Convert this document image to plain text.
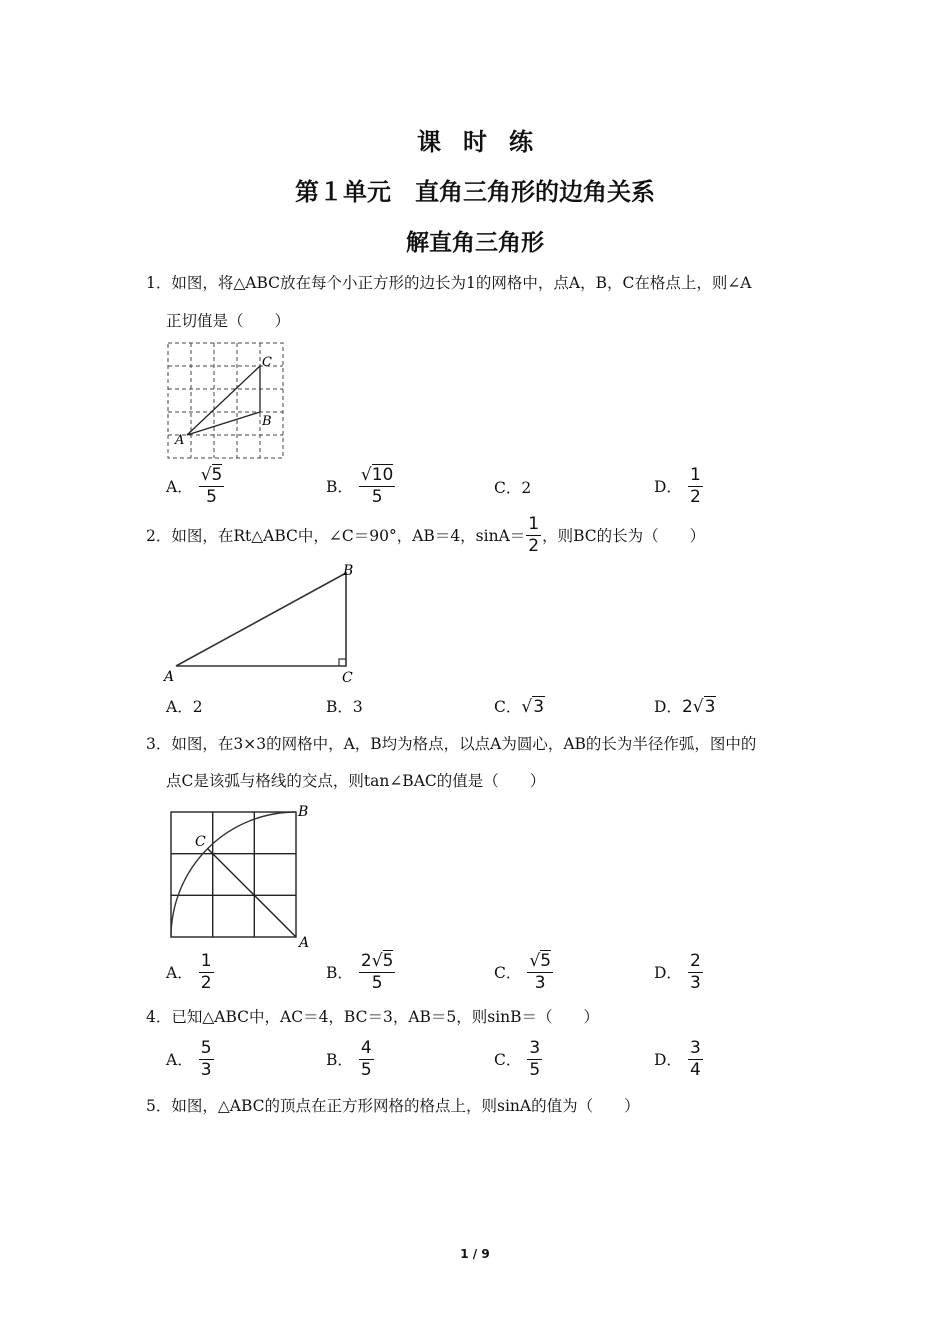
课时练
第１单元　直角三角形的边角关系
解直角三角形
1．如图，将△ABC放在每个小正方形的边长为1的网格中，点A，B，C在格点上，则∠A
正切值是（　　）
A
B
C
A． $\frac{√5}{5}$	B． $\frac{√10}{5}$	C． 2	D． $\frac{1}{2}$
2．如图，在Rt△ABC中，∠C＝90°，AB＝4，$\sin A= \frac{1}{2}$ ，则BC的长为（　　）
A
B
C
A． 2	B． 3	C． √3	D． 2√3
3．如图，在3×3的网格中，A，B均为格点，以点A为圆心，AB的长为半径作弧，图中的
点C是该弧与格线的交点，则tan∠BAC的值是（　　）
A
B
C
A． $\frac{1}{2}$	B． $\frac{2√5}{5}$	C． $\frac{√5}{3}$	D． $\frac{2}{3}$
4．已知△ABC中，AC＝4，BC＝3，AB＝5，则sinB＝（　　）
A． $\frac{5}{3}$	B． $\frac{4}{5}$	C． $\frac{3}{5}$	D． $\frac{3}{4}$
5．如图，△ABC的顶点在正方形网格的格点上，则sinA的值为（　　）
1 / 9
